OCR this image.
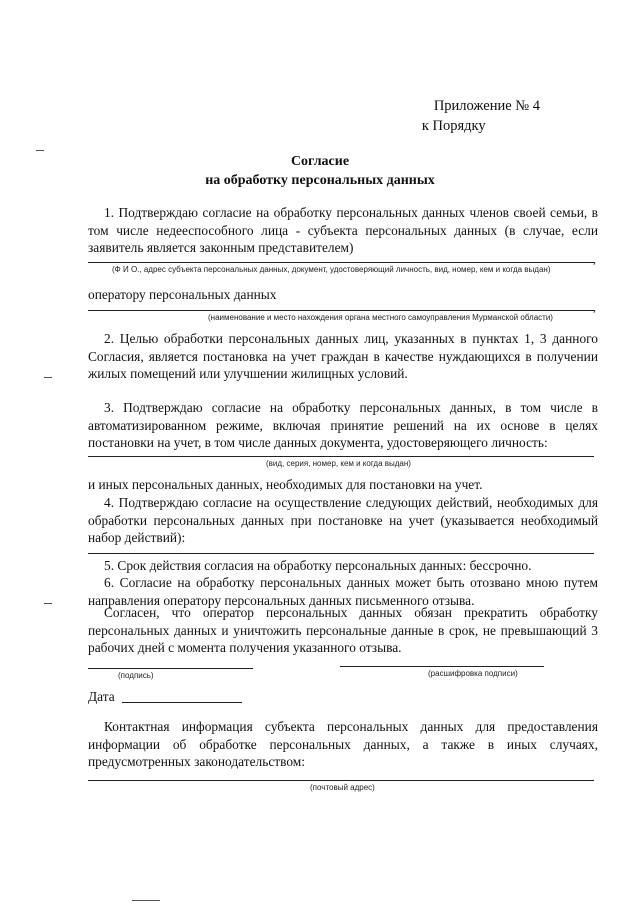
Приложение № 4
к Порядку
Согласие
на обработку персональных данных
1. Подтверждаю согласие на обработку персональных данных членов своей семьи, в том числе недееспособного лица - субъекта персональных данных (в случае, если заявитель является законным представителем)
,
(Ф И О., адрес субъекта персональных данных, документ, удостоверяющий личность, вид, номер, кем и когда выдан)
оператору персональных данных
,
(наименование и место нахождения органа местного самоуправления Мурманской области)
2. Целью обработки персональных данных лиц, указанных в пунктах 1, 3 данного Согласия, является постановка на учет граждан в качестве нуждающихся в получении жилых помещений или улучшении жилищных условий.
3. Подтверждаю согласие на обработку персональных данных, в том числе в автоматизированном режиме, включая принятие решений на их основе в целях постановки на учет, в том числе данных документа, удостоверяющего личность:
(вид, серия, номер, кем и когда выдан)
и иных персональных данных, необходимых для постановки на учет.
4. Подтверждаю согласие на осуществление следующих действий, необходимых для обработки персональных данных при постановке на учет (указывается необходимый набор действий):
5. Срок действия согласия на обработку персональных данных: бессрочно.
6. Согласие на обработку персональных данных может быть отозвано мною путем направления оператору персональных данных письменного отзыва.
Согласен, что оператор персональных данных обязан прекратить обработку персональных данных и уничтожить персональные данные в срок, не превышающий 3 рабочих дней с момента получения указанного отзыва.
(подпись)	(расшифровка подписи)
Дата
Контактная информация субъекта персональных данных для предоставления информации об обработке персональных данных, а также в иных случаях, предусмотренных законодательством:
(почтовый адрес)
